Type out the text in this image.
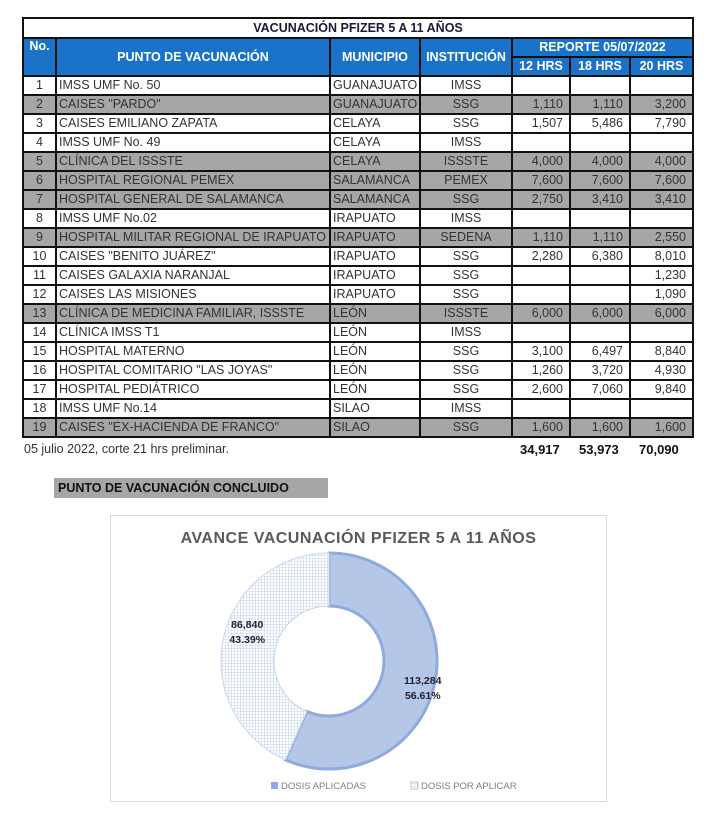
VACUNACIÓN PFIZER 5 A 11 AÑOS						
No.	PUNTO DE VACUNACIÓN	MUNICIPIO	INSTITUCIÓN	REPORTE 05/07/2022		
				12 HRS	18 HRS	20 HRS
1	IMSS UMF No. 50	GUANAJUATO	IMSS			
2	CAISES "PARDO"	GUANAJUATO	SSG	1,110	1,110	3,200
3	CAISES EMILIANO ZAPATA	CELAYA	SSG	1,507	5,486	7,790
4	IMSS UMF No. 49	CELAYA	IMSS			
5	CLÍNICA DEL ISSSTE	CELAYA	ISSSTE	4,000	4,000	4,000
6	HOSPITAL REGIONAL PEMEX	SALAMANCA	PEMEX	7,600	7,600	7,600
7	HOSPITAL GENERAL DE SALAMANCA	SALAMANCA	SSG	2,750	3,410	3,410
8	IMSS UMF No.02	IRAPUATO	IMSS			
9	HOSPITAL MILITAR REGIONAL DE IRAPUATO	IRAPUATO	SEDENA	1,110	1,110	2,550
10	CAISES "BENITO JUÁREZ"	IRAPUATO	SSG	2,280	6,380	8,010
11	CAISES GALAXIA NARANJAL	IRAPUATO	SSG			1,230
12	CAISES LAS MISIONES	IRAPUATO	SSG			1,090
13	CLÍNICA DE MEDICINA FAMILIAR, ISSSTE	LEÓN	ISSSTE	6,000	6,000	6,000
14	CLÍNICA IMSS T1	LEÓN	IMSS			
15	HOSPITAL MATERNO	LEÓN	SSG	3,100	6,497	8,840
16	HOSPITAL COMITARIO "LAS JOYAS"	LEÓN	SSG	1,260	3,720	4,930
17	HOSPITAL PEDIÁTRICO	LEÓN	SSG	2,600	7,060	9,840
18	IMSS UMF No.14	SILAO	IMSS			
19	CAISES "EX-HACIENDA DE FRANCO"	SILAO	SSG	1,600	1,600	1,600
05 julio 2022, corte 21 hrs preliminar.	34,917 53,973 70,090
PUNTO DE VACUNACIÓN CONCLUIDO
AVANCE VACUNACIÓN PFIZER 5 A 11 AÑOS
113,284
56.61%
86,840
43.39%
DOSIS APLICADAS	DOSIS POR APLICAR
